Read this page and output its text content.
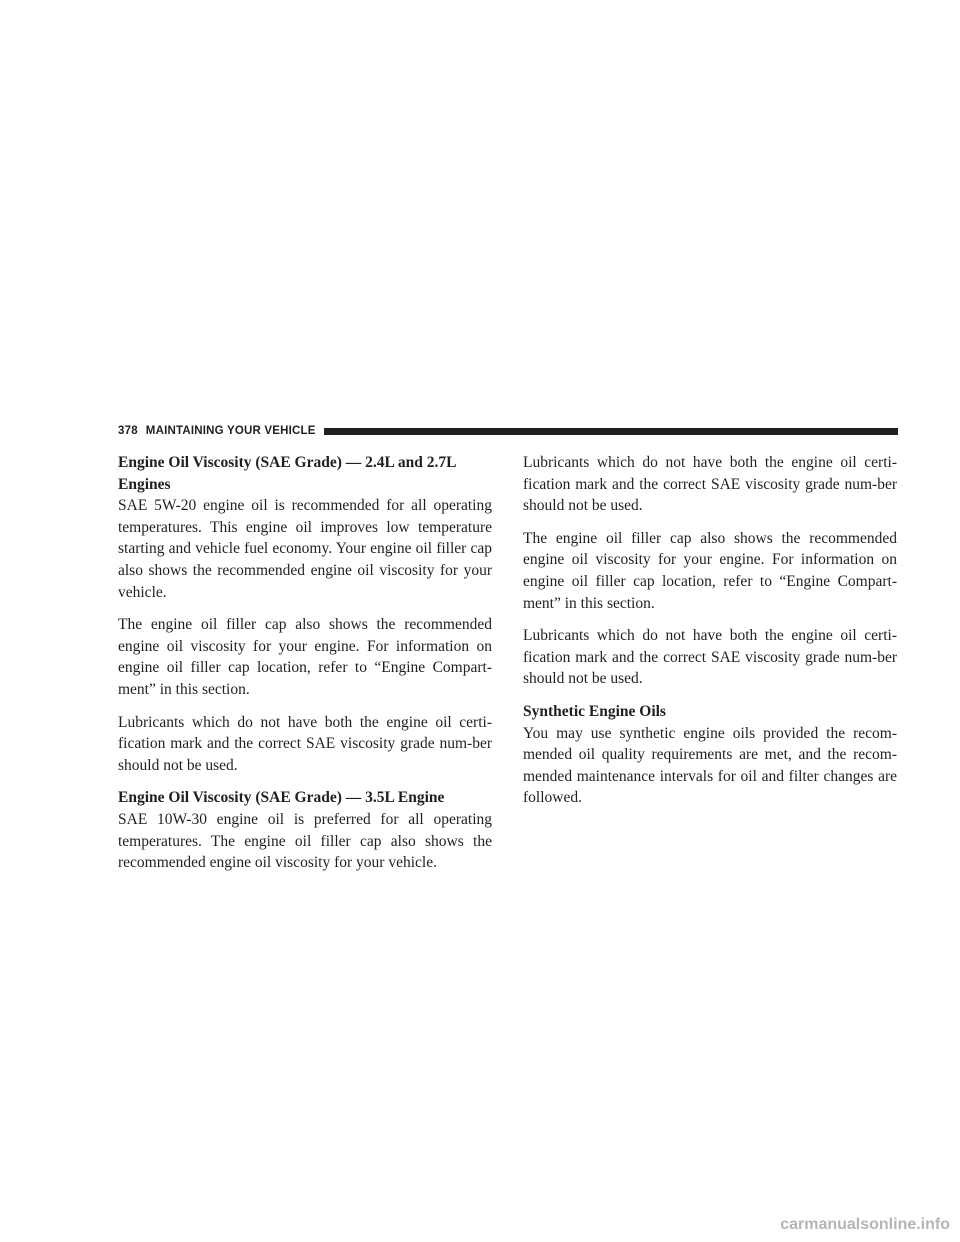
378 MAINTAINING YOUR VEHICLE
Engine Oil Viscosity (SAE Grade) — 2.4L and 2.7L Engines

SAE 5W-20 engine oil is recommended for all operating temperatures. This engine oil improves low temperature starting and vehicle fuel economy. Your engine oil filler cap also shows the recommended engine oil viscosity for your vehicle.

The engine oil filler cap also shows the recommended engine oil viscosity for your engine. For information on engine oil filler cap location, refer to “Engine Compart-ment” in this section.

Lubricants which do not have both the engine oil certi-fication mark and the correct SAE viscosity grade num-ber should not be used.

Engine Oil Viscosity (SAE Grade) — 3.5L Engine

SAE 10W-30 engine oil is preferred for all operating temperatures. The engine oil filler cap also shows the recommended engine oil viscosity for your vehicle.

Lubricants which do not have both the engine oil certi-fication mark and the correct SAE viscosity grade num-ber should not be used.

The engine oil filler cap also shows the recommended engine oil viscosity for your engine. For information on engine oil filler cap location, refer to “Engine Compart-ment” in this section.

Lubricants which do not have both the engine oil certi-fication mark and the correct SAE viscosity grade num-ber should not be used.

Synthetic Engine Oils

You may use synthetic engine oils provided the recom-mended oil quality requirements are met, and the recom-mended maintenance intervals for oil and filter changes are followed.

carmanualsonline.info
